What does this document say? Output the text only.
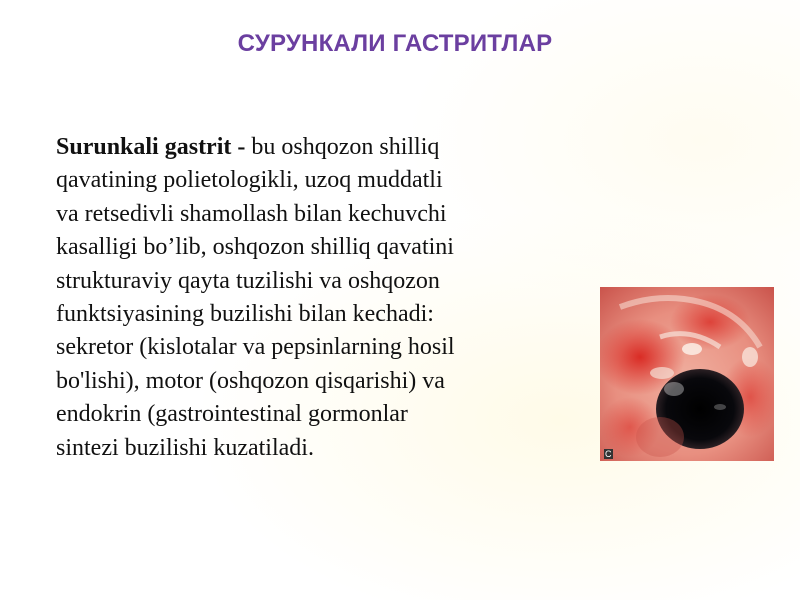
СУРУНКАЛИ ГАСТРИТЛАР
Surunkali gastrit - bu oshqozon shilliq
qavatining polietologikli, uzoq muddatli
va retsedivli shamollash bilan kechuvchi
kasalligi bo’lib, oshqozon shilliq qavatini
strukturaviy qayta tuzilishi va oshqozon
funktsiyasining buzilishi bilan kechadi:
sekretor (kislotalar va pepsinlarning hosil
bo'lishi), motor (oshqozon qisqarishi) va
endokrin (gastrointestinal gormonlar
sintezi buzilishi kuzatiladi.	C
